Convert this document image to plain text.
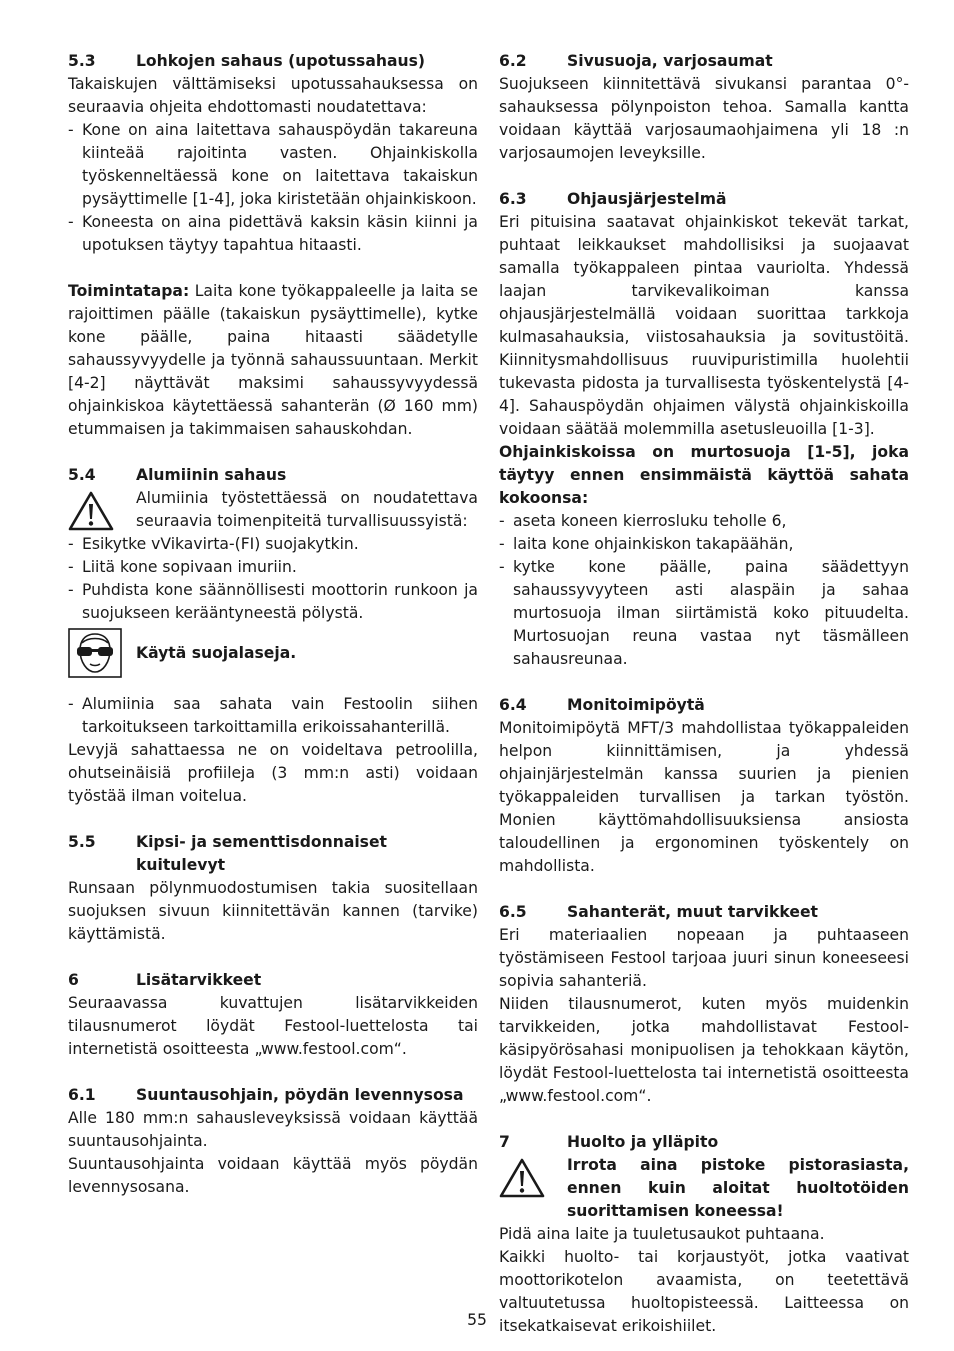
5.3	Lohkojen sahaus (upotussahaus)

Takaiskujen välttämiseksi upotussahauksessa on seuraavia ohjeita ehdottomasti noudatettava:

- Kone on aina laitettava sahauspöydän takareuna kiinteää rajoitinta vasten. Ohjainkiskolla työskenneltäessä kone on laitettava takaiskun pysäyttimelle [1-4], joka kiristetään ohjainkiskoon.
- Koneesta on aina pidettävä kaksin käsin kiinni ja upotuksen täytyy tapahtua hitaasti.

Toimintatapa: Laita kone työkappaleelle ja laita se rajoittimen päälle (takaiskun pysäyttimelle), kytke kone päälle, paina hitaasti säädetylle sahaussyvyydelle ja työnnä sahaussuuntaan. Merkit [4-2] näyttävät maksimi sahaussyvyydessä ohjainkiskoa käytettäessä sahanterän (Ø 160 mm) etummaisen ja takimmaisen sahauskohdan.

5.4	Alumiinin sahaus

Alumiinia työstettäessä on noudatettava seuraavia toimenpiteitä turvallisuussyistä:

- Esikytke vVikavirta-(FI) suojakytkin.
- Liitä kone sopivaan imuriin.
- Puhdista kone säännöllisesti moottorin runkoon ja suojukseen kerääntyneestä pölystä.
Käytä suojalaseja.
- Alumiinia saa sahata vain Festoolin siihen tarkoitukseen tarkoittamilla erikoissahanterillä.

Levyjä sahattaessa ne on voideltava petroolilla, ohutseinäisiä profiileja (3 mm:n asti) voidaan työstää ilman voitelua.

5.5	Kipsi- ja sementtisdonnaiset kuitulevyt

Runsaan pölynmuodostumisen takia suositellaan suojuksen sivuun kiinnitettävän kannen (tarvike) käyttämistä.

6	Lisätarvikkeet

Seuraavassa kuvattujen lisätarvikkeiden tilausnumerot löydät Festool-luettelosta tai internetistä osoitteesta „www.festool.com“.

6.1	Suuntausohjain, pöydän levennysosa

Alle 180 mm:n sahausleveyksissä voidaan käyttää suuntausohjainta.

Suuntausohjainta voidaan käyttää myös pöydän levennysosana.

6.2	Sivusuoja, varjosaumat

Suojukseen kiinnitettävä sivukansi parantaa 0°-sahauksessa pölynpoiston tehoa. Samalla kantta voidaan käyttää varjosaumaohjaimena yli 18 :n varjosaumojen leveyksille.

6.3	Ohjausjärjestelmä

Eri pituisina saatavat ohjainkiskot tekevät tarkat, puhtaat leikkaukset mahdollisiksi ja suojaavat samalla työkappaleen pintaa vauriolta. Yhdessä laajan tarvikevalikoiman kanssa ohjausjärjestelmällä voidaan suorittaa tarkkoja kulmasahauksia, viistosahauksia ja sovitustöitä. Kiinnitysmahdollisuus ruuvipuristimilla huolehtii tukevasta pidosta ja turvallisesta työskentelystä [4-4]. Sahauspöydän ohjaimen välystä ohjainkiskoilla voidaan säätää molemmilla asetusleuoilla [1-3].

Ohjainkiskoissa on murtosuoja [1-5], joka täytyy ennen ensimmäistä käyttöä sahata kokoonsa:

- aseta koneen kierrosluku teholle 6,
- laita kone ohjainkiskon takapäähän,
- kytke kone päälle, paina säädettyyn sahaussyvyyteen asti alaspäin ja sahaa murtosuoja ilman siirtämistä koko pituudelta. Murtosuojan reuna vastaa nyt täsmälleen sahausreunaa.
6.4	Monitoimipöytä

Monitoimipöytä MFT/3 mahdollistaa työkappaleiden helpon kiinnittämisen, ja yhdessä ohjainjärjestelmän kanssa suurien ja pienien työkappaleiden turvallisen ja tarkan työstön. Monien käyttömahdollisuuksiensa ansiosta taloudellinen ja ergonominen työskentely on mahdollista.

6.5	Sahanterät, muut tarvikkeet

Eri materiaalien nopeaan ja puhtaaseen työstämiseen Festool tarjoaa juuri sinun koneeseesi sopivia sahanteriä.

Niiden tilausnumerot, kuten myös muidenkin tarvikkeiden, jotka mahdollistavat Festool-käsipyörösahasi monipuolisen ja tehokkaan käytön, löydät Festool-luettelosta tai internetistä osoitteesta „www.festool.com“.

7	Huolto ja ylläpito

Irrota aina pistoke pistorasiasta, ennen kuin aloitat huoltotöiden suorittamisen koneessa!

Pidä aina laite ja tuuletusaukot puhtaana.

Kaikki huolto- tai korjaustyöt, jotka vaativat moottorikotelon avaamista, on teetettävä valtuutetussa huoltopisteessä. Laitteessa on itsekatkaisevat erikoishiilet.

55
